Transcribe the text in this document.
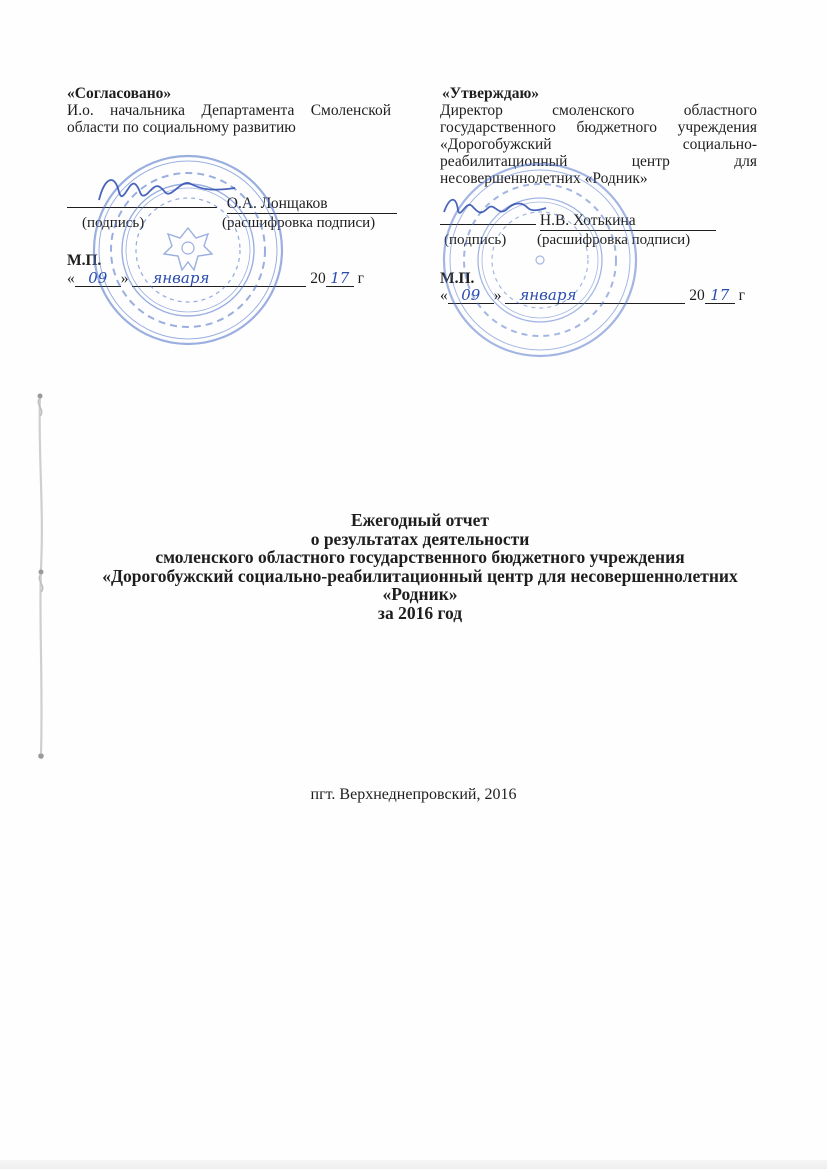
«Согласовано»
И.о. начальника Департамента Смоленской
области по социальному развитию
О.А. Лонщаков
(подпись)	(расшифровка подписи)
М.П.
« 09 » января	20 17 г
«Утверждаю»
Директор смоленского областного
государственного бюджетного учреждения
«Дорогобужский социально-
реабилитационный центр для
несовершеннолетних «Родник»
Н.В. Хотькина
(подпись) (расшифровка подписи)
М.П.
« 09 » января	20 17 г
Ежегодный отчет
о результатах деятельности
смоленского областного государственного бюджетного учреждения
«Дорогобужский социально-реабилитационный центр для несовершеннолетних
«Родник»
за 2016 год
пгт. Верхнеднепровский, 2016
